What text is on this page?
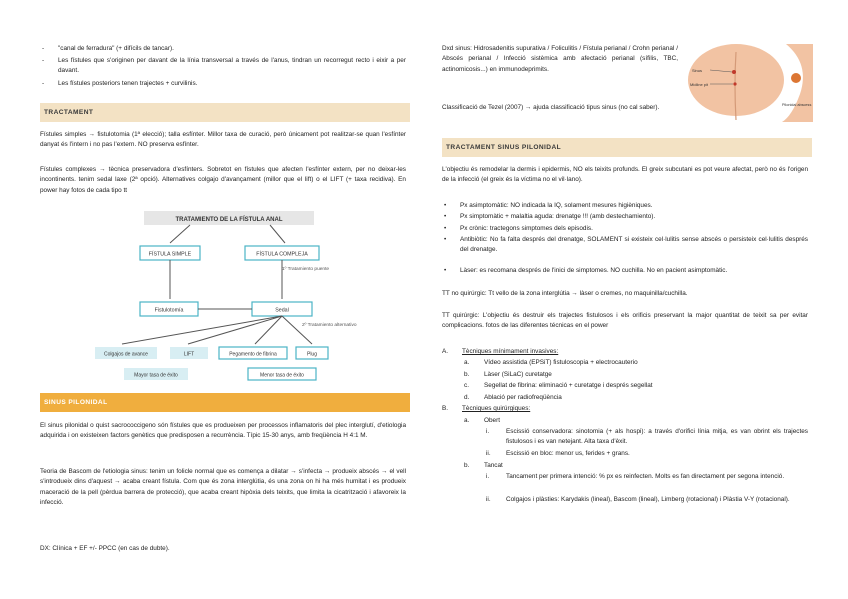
- "canal de ferradura" (+ difícils de tancar).
- Les fístules que s'originen per davant de la línia transversal a través de l'anus, tindran un recorregut recto i eixir a per davant.
- Les fístules posteriors tenen trajectes + curvilinis.
TRACTAMENT
Fístules simples → fistulotomia (1ª elecció); talla esfínter. Millor taxa de curació, però únicament pot realitzar-se quan l'esfínter danyat és l'intern i no pas l'extern. NO preserva esfínter.
Fístules complexes → tècnica preservadora d'esfínters. Sobretot en fístules que afecten l'esfínter extern, per no deixar-les incontinents. tenim sedal laxe (2ª opció). Alternatives colgajo d'avançament (millor que el lift) o el LIFT (+ taxa recidiva). En power hay fotos de cada tipo tt
TRATAMIENTO DE LA FÍSTULA ANAL
FÍSTULA SIMPLE	FÍSTULA COMPLEJA
1º Tratamiento puente
Fistulotomía	Sedal
2º Tratamiento alternativo
Colgajos de avance	LIFT	Pegamento de fibrina	Plug
Mayor tasa de éxito	Menor tasa de éxito
SINUS PILONIDAL
El sinus pilonidal o quist sacrococcigeno són fístules que es produeixen per processos inflamatoris del plec interglutí, d'etiologia adquirida i on existeixen factors genètics que predisposen a recurrència. Típic 15-30 anys, amb freqüència H 4:1 M.
Teoria de Bascom de l'etiologia sinus: tenim un folicle normal que es comença a dilatar → s'infecta → produeix abscés → el vell s'introdueix dins d'aquest → acaba creant fístula. Com que és zona interglútia, és una zona on hi ha més humitat i es produeix maceració de la pell (pèrdua barrera de protecció), que acaba creant hipòxia dels teixits, que limita la cicatrització i afavoreix la infecció.
DX: Clínica + EF +/- PPCC (en cas de dubte).
Dxd sinus: Hidrosadenitis supurativa / Foliculitis / Fístula perianal / Crohn perianal / Abscés perianal / Infecció sistèmica amb afectació perianal (sífilis, TBC, actinomicosis...) en immunodeprimits.
Classificació de Tezel (2007) → ajuda classificació tipus sinus (no cal saber).
Sinus
Midline pit
Pilonidal abscess
TRACTAMENT SINUS PILONIDAL
L'objectiu és remodelar la dermis i epidermis, NO els teixits profunds. El greix subcutani es pot veure afectat, però no és l'origen de la infecció (el greix és la víctima no el vil·lano).
• Px asimptomàtic: NO indicada la IQ, solament mesures higièniques.
• Px simptomàtic + malaltia aguda: drenatge !!! (amb destechamiento).
• Px crònic: tractegons simptomes dels episodis.
• Antibiòtic: No fa falta després del drenatge, SOLAMENT si existeix cel·lulitis sense abscés o persisteix cel·lulitis després del drenatge.
• Làser: es recomana després de l'inici de simptomes. NO cuchilla. No en pacient asimptomàtic.
TT no quirúrgic: Tt vello de la zona interglútia → làser o cremes, no maquinilla/cuchilla.
TT quirúrgic: L'objectiu és destruir els trajectes fistulosos i els orificis preservant la major quantitat de teixit sa per evitar complicacions. fotos de las diferentes técnicas en el power
A. Tècniques mínimament invasives:
a. Vídeo assistida (EPSiT) fistuloscopia + electrocauterio
b. Làser (SiLaC) curetatge
c. Segellat de fibrina: eliminació + curetatge i després segellat
d. Ablació per radiofreqüència
B. Tècniques quirúrgiques:
a. Obert
i.	Escissió conservadora: sinotomia (+ als hospi): a través d'orifici línia mitja, es van obrint els trajectes fistulosos i es van netejant. Alta taxa d'èxit.
ii. Escissió en bloc: menor us, ferides + grans.
b. Tancat
i.	Tancament per primera intenció: % px es reinfecten. Molts es fan directament per segona intenció.
ii. Colgajos i plàsties: Karydakis (lineal), Bascom (lineal), Limberg (rotacional) i Plàstia V-Y (rotacional).
